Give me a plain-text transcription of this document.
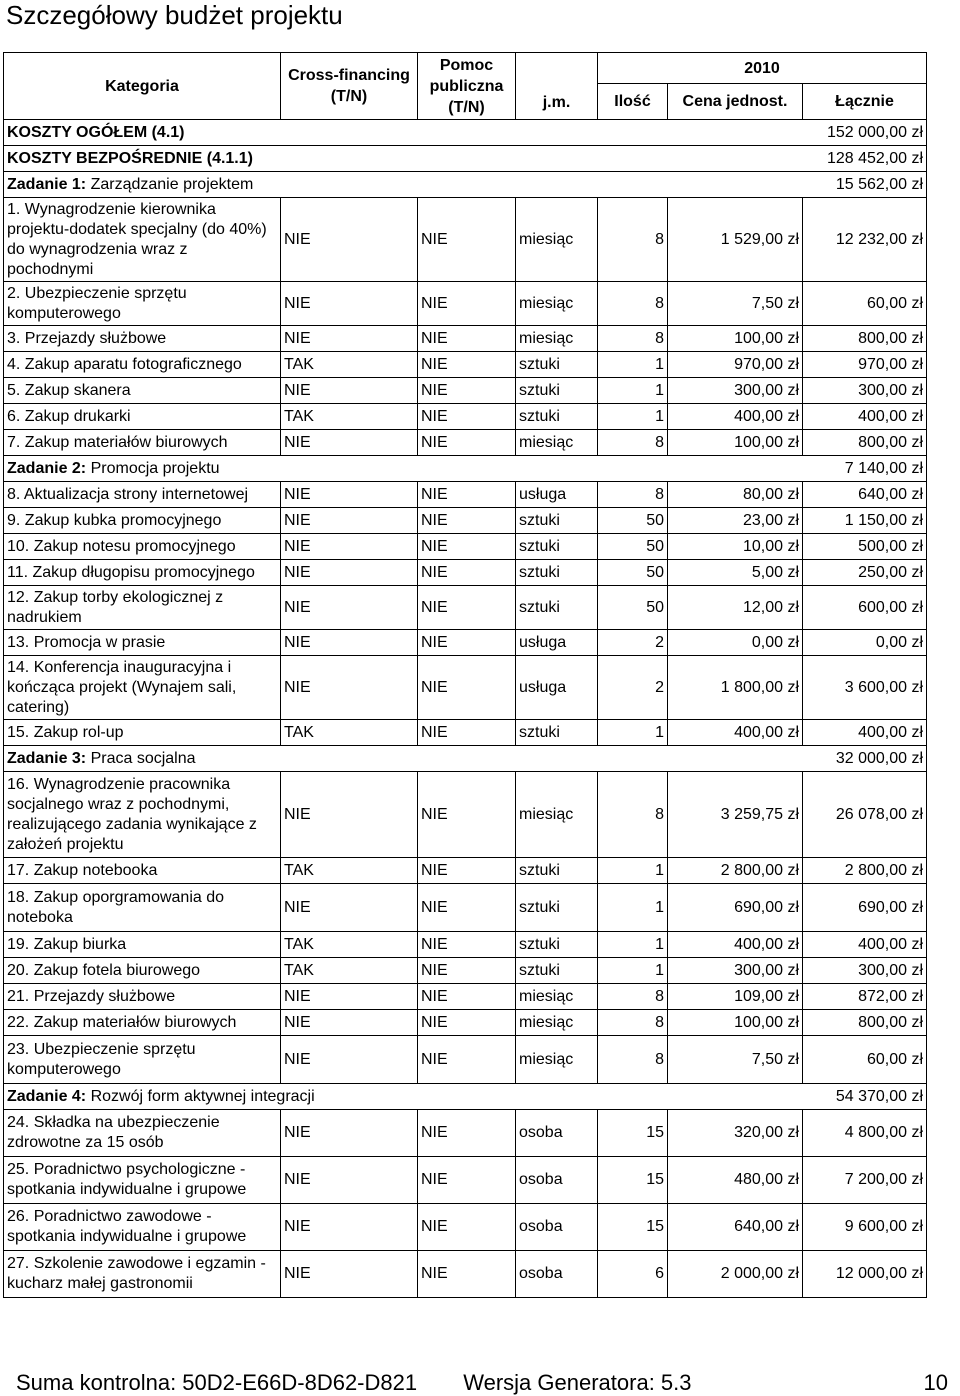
Szczegółowy budżet projektu
Kategoria	Cross-financing (T/N)	Pomoc publiczna (T/N)	j.m.	2010		
				Ilość	Cena jednost.	Łącznie
KOSZTY OGÓŁEM (4.1)						152 000,00 zł
KOSZTY BEZPOŚREDNIE (4.1.1)						128 452,00 zł
Zadanie 1: Zarządzanie projektem						15 562,00 zł
1. Wynagrodzenie kierownika projektu-dodatek specjalny (do 40%) do wynagrodzenia wraz z pochodnymi	NIE	NIE	miesiąc	8	1 529,00 zł	12 232,00 zł
2. Ubezpieczenie sprzętu komputerowego	NIE	NIE	miesiąc	8	7,50 zł	60,00 zł
3. Przejazdy służbowe	NIE	NIE	miesiąc	8	100,00 zł	800,00 zł
4. Zakup aparatu fotograficznego	TAK	NIE	sztuki	1	970,00 zł	970,00 zł
5. Zakup skanera	NIE	NIE	sztuki	1	300,00 zł	300,00 zł
6. Zakup drukarki	TAK	NIE	sztuki	1	400,00 zł	400,00 zł
7. Zakup materiałów biurowych	NIE	NIE	miesiąc	8	100,00 zł	800,00 zł
Zadanie 2: Promocja projektu						7 140,00 zł
8. Aktualizacja strony internetowej	NIE	NIE	usługa	8	80,00 zł	640,00 zł
9. Zakup kubka promocyjnego	NIE	NIE	sztuki	50	23,00 zł	1 150,00 zł
10. Zakup notesu promocyjnego	NIE	NIE	sztuki	50	10,00 zł	500,00 zł
11. Zakup długopisu promocyjnego	NIE	NIE	sztuki	50	5,00 zł	250,00 zł
12. Zakup torby ekologicznej z nadrukiem	NIE	NIE	sztuki	50	12,00 zł	600,00 zł
13. Promocja w prasie	NIE	NIE	usługa	2	0,00 zł	0,00 zł
14. Konferencja inauguracyjna i kończąca projekt (Wynajem sali, catering)	NIE	NIE	usługa	2	1 800,00 zł	3 600,00 zł
15. Zakup rol-up	TAK	NIE	sztuki	1	400,00 zł	400,00 zł
Zadanie 3: Praca socjalna						32 000,00 zł
16. Wynagrodzenie pracownika socjalnego wraz z pochodnymi, realizującego zadania wynikające z założeń projektu	NIE	NIE	miesiąc	8	3 259,75 zł	26 078,00 zł
17. Zakup notebooka	TAK	NIE	sztuki	1	2 800,00 zł	2 800,00 zł
18. Zakup oporgramowania do noteboka	NIE	NIE	sztuki	1	690,00 zł	690,00 zł
19. Zakup biurka	TAK	NIE	sztuki	1	400,00 zł	400,00 zł
20. Zakup fotela biurowego	TAK	NIE	sztuki	1	300,00 zł	300,00 zł
21. Przejazdy służbowe	NIE	NIE	miesiąc	8	109,00 zł	872,00 zł
22. Zakup materiałów biurowych	NIE	NIE	miesiąc	8	100,00 zł	800,00 zł
23. Ubezpieczenie sprzętu komputerowego	NIE	NIE	miesiąc	8	7,50 zł	60,00 zł
Zadanie 4: Rozwój form aktywnej integracji						54 370,00 zł
24. Składka na ubezpieczenie zdrowotne za 15 osób	NIE	NIE	osoba	15	320,00 zł	4 800,00 zł
25. Poradnictwo psychologiczne - spotkania indywidualne i grupowe	NIE	NIE	osoba	15	480,00 zł	7 200,00 zł
26. Poradnictwo zawodowe - spotkania indywidualne i grupowe	NIE	NIE	osoba	15	640,00 zł	9 600,00 zł
27. Szkolenie zawodowe i egzamin - kucharz małej gastronomii	NIE	NIE	osoba	6	2 000,00 zł	12 000,00 zł
Suma kontrolna: 50D2-E66D-8D62-D821 Wersja Generatora: 5.3	10
